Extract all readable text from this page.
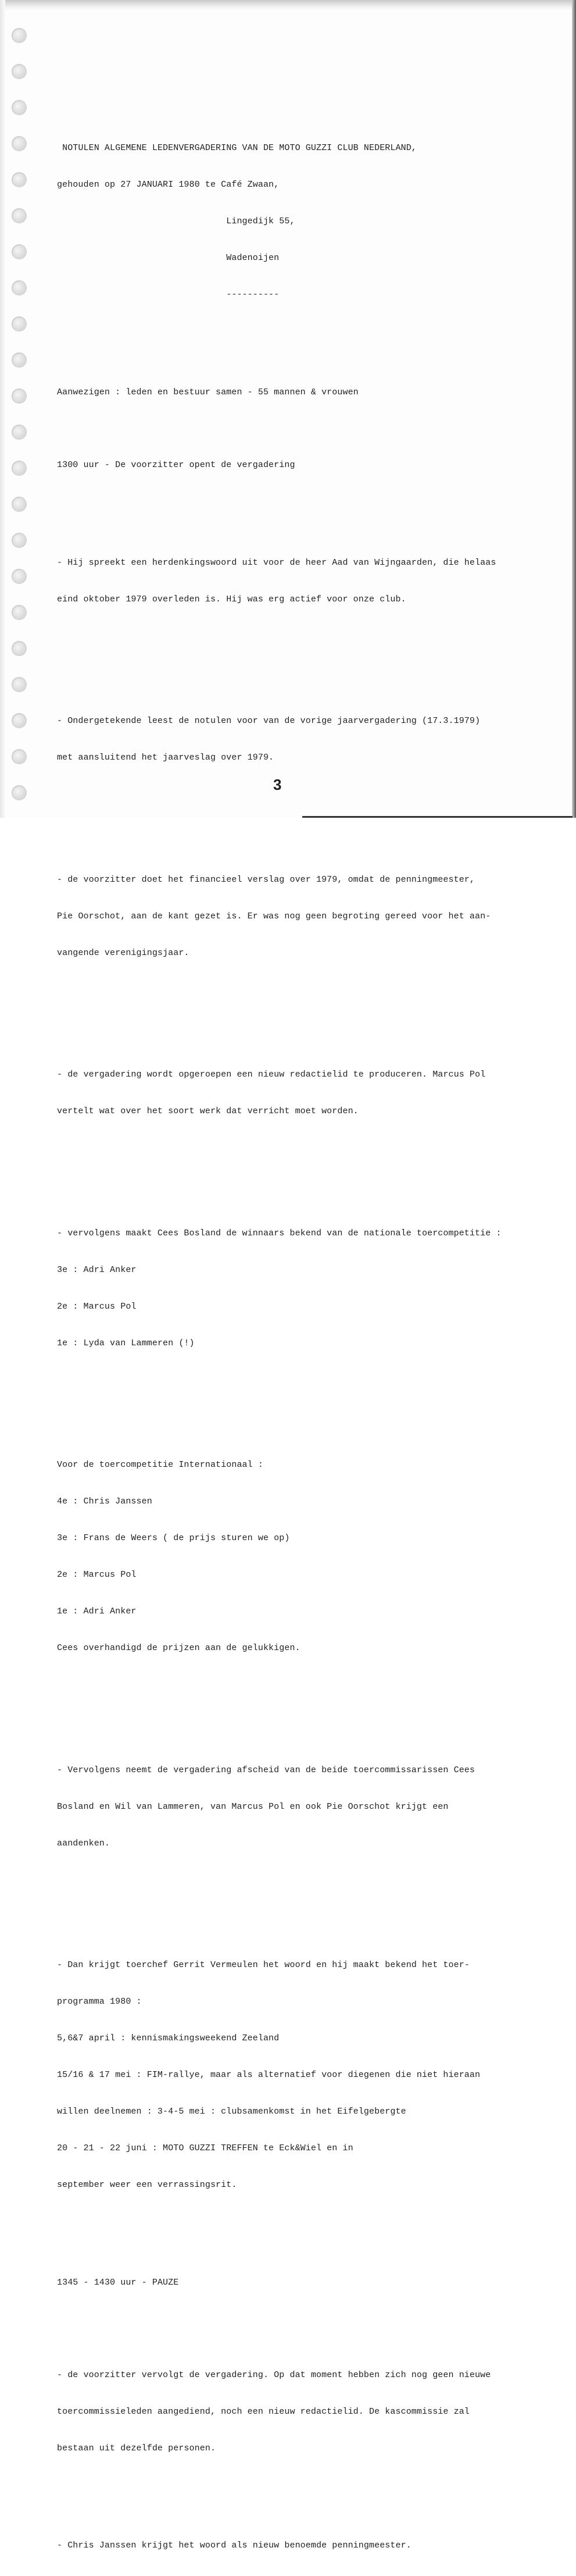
NOTULEN ALGEMENE LEDENVERGADERING VAN DE MOTO GUZZI CLUB NEDERLAND,

gehouden op 27 JANUARI 1980 te Café Zwaan,

Lingedijk 55,

Wadenoijen

----------

Aanwezigen : leden en bestuur samen - 55 mannen & vrouwen

1300 uur - De voorzitter opent de vergadering

- Hij spreekt een herdenkingswoord uit voor de heer Aad van Wijngaarden, die helaas

eind oktober 1979 overleden is. Hij was erg actief voor onze club.

- Ondergetekende leest de notulen voor van de vorige jaarvergadering (17.3.1979)

met aansluitend het jaarveslag over 1979.

- de voorzitter doet het financieel verslag over 1979, omdat de penningmeester,

Pie Oorschot, aan de kant gezet is. Er was nog geen begroting gereed voor het aan-

vangende verenigingsjaar.

- de vergadering wordt opgeroepen een nieuw redactielid te produceren. Marcus Pol

vertelt wat over het soort werk dat verricht moet worden.

- vervolgens maakt Cees Bosland de winnaars bekend van de nationale toercompetitie :

3e : Adri Anker

2e : Marcus Pol

1e : Lyda van Lammeren (!)

Voor de toercompetitie Internationaal :

4e : Chris Janssen

3e : Frans de Weers ( de prijs sturen we op)

2e : Marcus Pol

1e : Adri Anker

Cees overhandigd de prijzen aan de gelukkigen.

- Vervolgens neemt de vergadering afscheid van de beide toercommissarissen Cees

Bosland en Wil van Lammeren, van Marcus Pol en ook Pie Oorschot krijgt een

aandenken.

- Dan krijgt toerchef Gerrit Vermeulen het woord en hij maakt bekend het toer-

programma 1980 :

5,6&7 april : kennismakingsweekend Zeeland

15/16 & 17 mei : FIM-rallye, maar als alternatief voor diegenen die niet hieraan

willen deelnemen : 3-4-5 mei : clubsamenkomst in het Eifelgebergte

20 - 21 - 22 juni : MOTO GUZZI TREFFEN te Eck&Wiel en in

september weer een verrassingsrit.

1345 - 1430 uur - PAUZE

- de voorzitter vervolgt de vergadering. Op dat moment hebben zich nog geen nieuwe

toercommissieleden aangediend, noch een nieuw redactielid. De kascommissie zal

bestaan uit dezelfde personen.

- Chris Janssen krijgt het woord als nieuw benoemde penningmeester.

3
